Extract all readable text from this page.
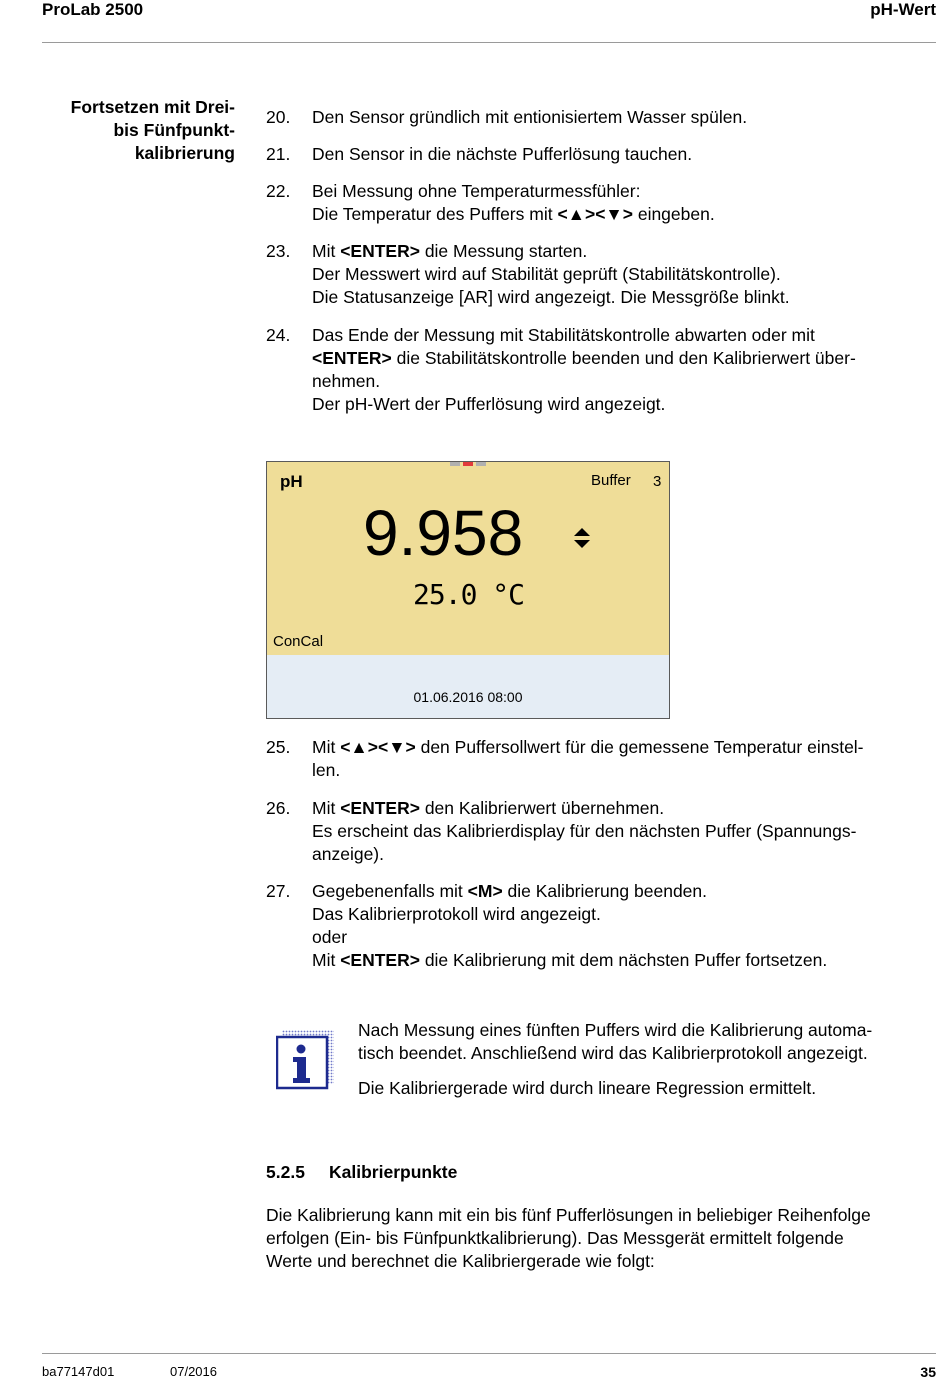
ProLab 2500	pH-Wert
Fortsetzen mit Drei-
bis Fünfpunkt-
kalibrierung
20. Den Sensor gründlich mit entionisiertem Wasser spülen.
21. Den Sensor in die nächste Pufferlösung tauchen.
22. Bei Messung ohne Temperaturmessfühler:
Die Temperatur des Puffers mit <▲><▼> eingeben.
23. Mit <ENTER> die Messung starten.
Der Messwert wird auf Stabilität geprüft (Stabilitätskontrolle).
Die Statusanzeige [AR] wird angezeigt. Die Messgröße blinkt.
24. Das Ende der Messung mit Stabilitätskontrolle abwarten oder mit
<ENTER> die Stabilitätskontrolle beenden und den Kalibrierwert über-
nehmen.
Der pH-Wert der Pufferlösung wird angezeigt.
pH	Buffer 3
9.958
25.0 °C
ConCal
01.06.2016 08:00
25. Mit <▲><▼> den Puffersollwert für die gemessene Temperatur einstel-
len.
26. Mit <ENTER> den Kalibrierwert übernehmen.
Es erscheint das Kalibrierdisplay für den nächsten Puffer (Spannungs-
anzeige).
27. Gegebenenfalls mit <M> die Kalibrierung beenden.
Das Kalibrierprotokoll wird angezeigt.
oder
Mit <ENTER> die Kalibrierung mit dem nächsten Puffer fortsetzen.

Nach Messung eines fünften Puffers wird die Kalibrierung automa-
tisch beendet. Anschließend wird das Kalibrierprotokoll angezeigt.

Die Kalibriergerade wird durch lineare Regression ermittelt.

5.2.5 Kalibrierpunkte
Die Kalibrierung kann mit ein bis fünf Pufferlösungen in beliebiger Reihenfolge
erfolgen (Ein- bis Fünfpunktkalibrierung). Das Messgerät ermittelt folgende
Werte und berechnet die Kalibriergerade wie folgt:
ba77147d01	07/2016	35
